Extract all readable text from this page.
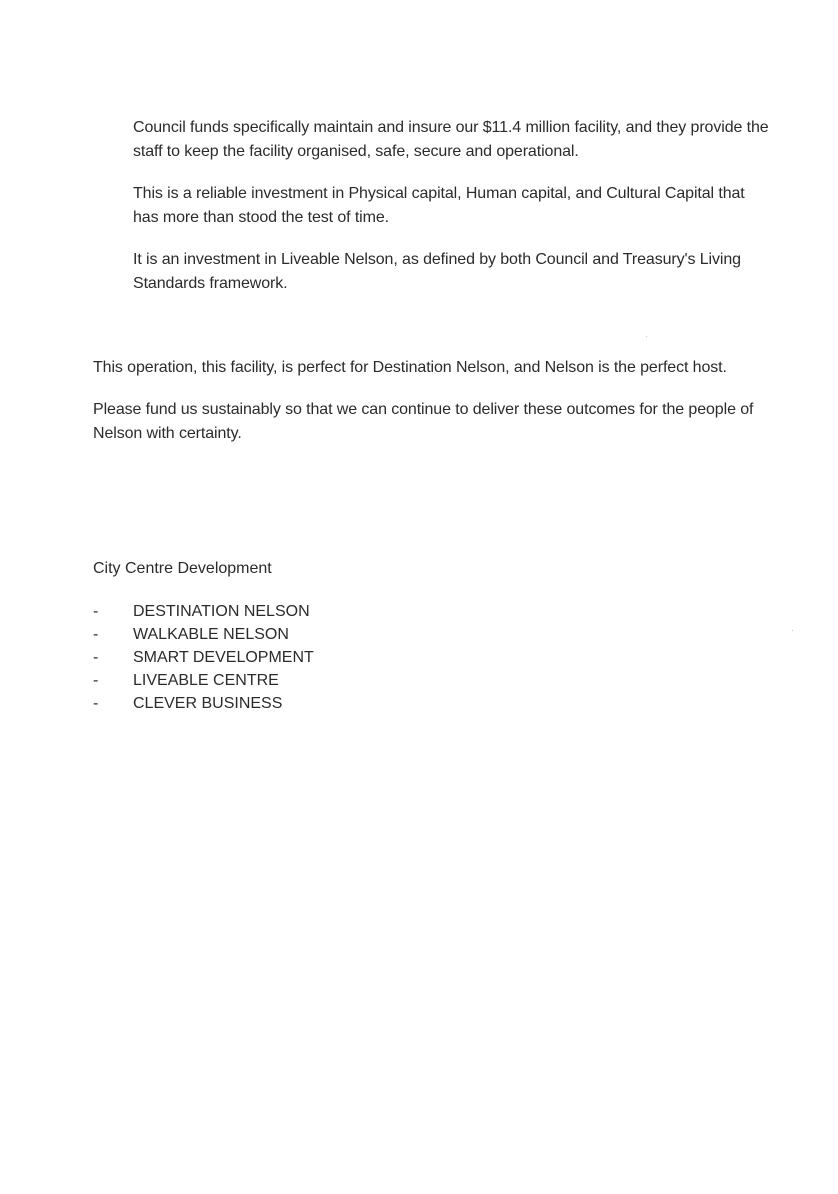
Council funds specifically maintain and insure our $11.4 million facility, and they provide the staff to keep the facility organised, safe, secure and operational.

This is a reliable investment in Physical capital, Human capital, and Cultural Capital that has more than stood the test of time.

It is an investment in Liveable Nelson, as defined by both Council and Treasury's Living Standards framework.

This operation, this facility, is perfect for Destination Nelson, and Nelson is the perfect host.

Please fund us sustainably so that we can continue to deliver these outcomes for the people of Nelson with certainty.

City Centre Development
-	DESTINATION NELSON
-	WALKABLE NELSON
-	SMART DEVELOPMENT
-	LIVEABLE CENTRE
-	CLEVER BUSINESS
